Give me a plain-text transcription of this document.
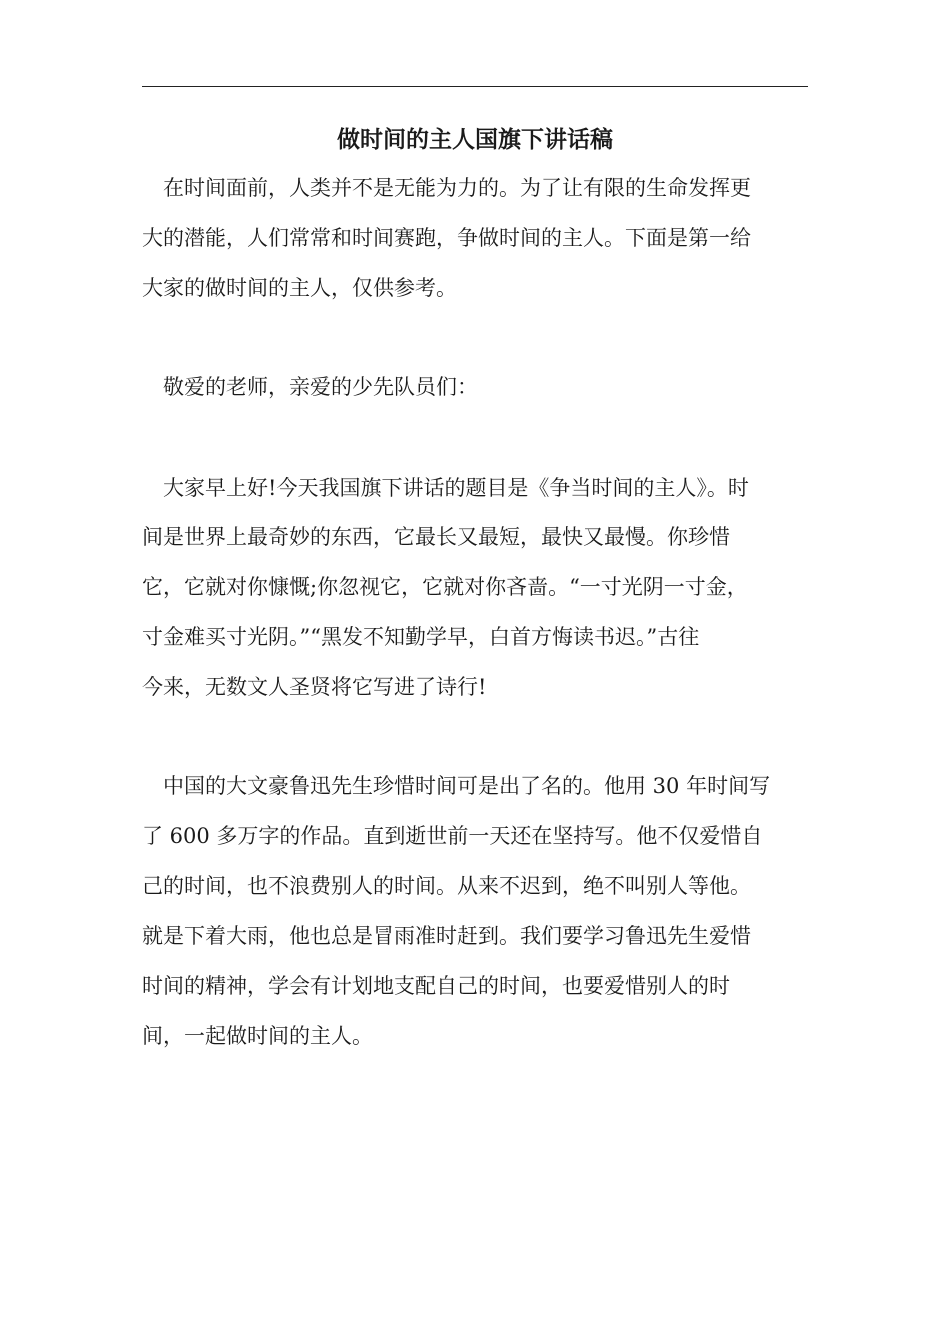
做时间的主人国旗下讲话稿

　在时间面前，人类并不是无能为力的。为了让有限的生命发挥更

大的潜能，人们常常和时间赛跑，争做时间的主人。下面是第一给

大家的做时间的主人，仅供参考。

　敬爱的老师，亲爱的少先队员们：

　大家早上好!今天我国旗下讲话的题目是《争当时间的主人》。时

间是世界上最奇妙的东西，它最长又最短，最快又最慢。你珍惜

它，它就对你慷慨;你忽视它，它就对你吝啬。“一寸光阴一寸金，

寸金难买寸光阴。”“黑发不知勤学早，白首方悔读书迟。”古往

今来，无数文人圣贤将它写进了诗行!

　中国的大文豪鲁迅先生珍惜时间可是出了名的。他用 30 年时间写

了 600 多万字的作品。直到逝世前一天还在坚持写。他不仅爱惜自

己的时间，也不浪费别人的时间。从来不迟到，绝不叫别人等他。

就是下着大雨，他也总是冒雨准时赶到。我们要学习鲁迅先生爱惜

时间的精神，学会有计划地支配自己的时间，也要爱惜别人的时

间，一起做时间的主人。
